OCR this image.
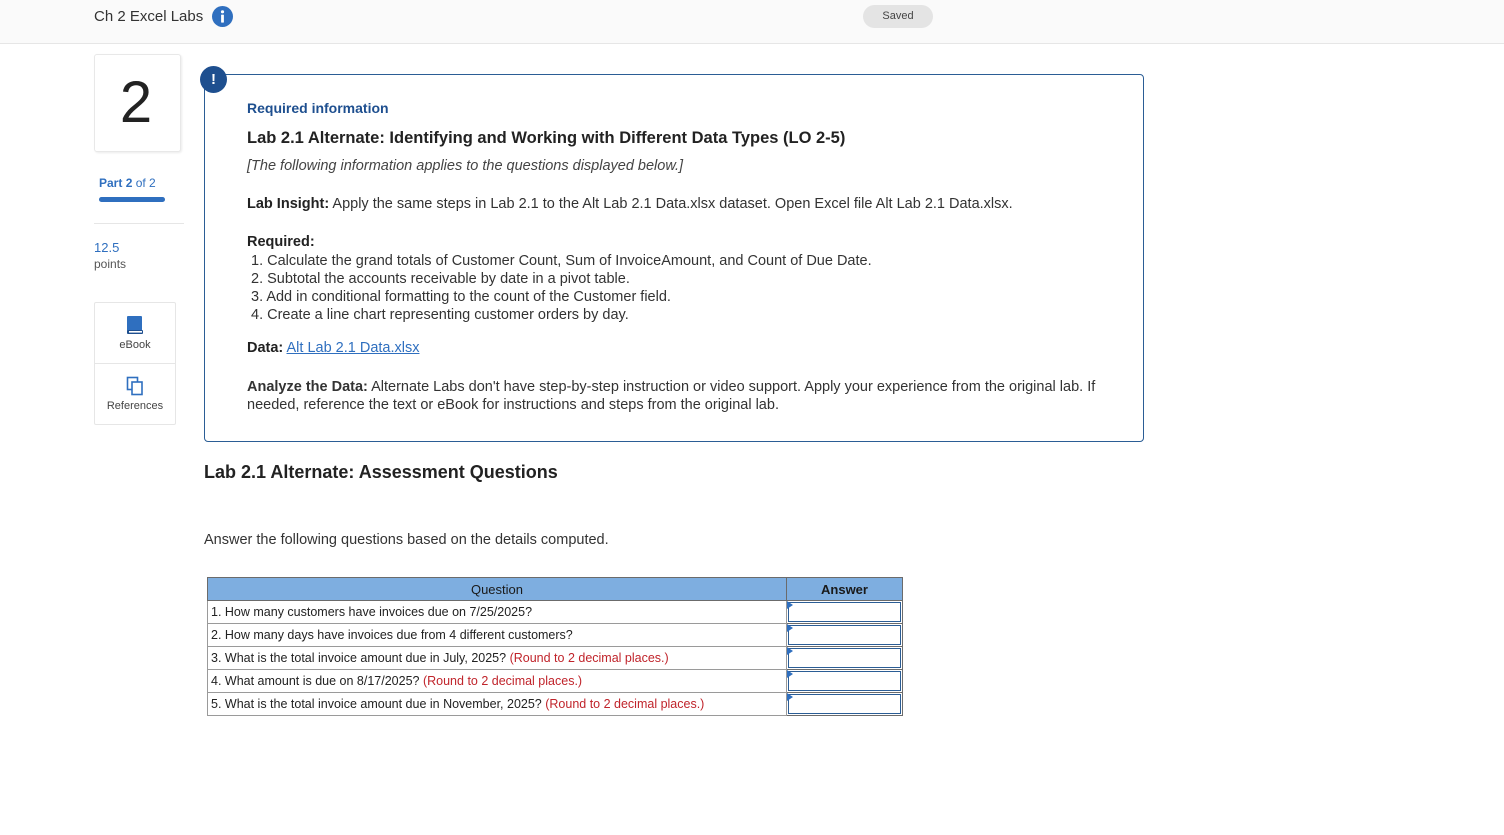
Ch 2 Excel Labs	Saved
2
Part 2 of 2
12.5
points
eBook
References
!
Required information
Lab 2.1 Alternate: Identifying and Working with Different Data Types (LO 2-5)
[The following information applies to the questions displayed below.]
Lab Insight: Apply the same steps in Lab 2.1 to the Alt Lab 2.1 Data.xlsx dataset. Open Excel file Alt Lab 2.1 Data.xlsx.
Required:
1. Calculate the grand totals of Customer Count, Sum of InvoiceAmount, and Count of Due Date.
2. Subtotal the accounts receivable by date in a pivot table.
3. Add in conditional formatting to the count of the Customer field.
4. Create a line chart representing customer orders by day.
Data: Alt Lab 2.1 Data.xlsx
Analyze the Data: Alternate Labs don't have step-by-step instruction or video support. Apply your experience from the original lab. If needed, reference the text or eBook for instructions and steps from the original lab.
Lab 2.1 Alternate: Assessment Questions
Answer the following questions based on the details computed.
Question	Answer
1. How many customers have invoices due on 7/25/2025?	

2. How many days have invoices due from 4 different customers?	

3. What is the total invoice amount due in July, 2025? (Round to 2 decimal places.)	

4. What amount is due on 8/17/2025? (Round to 2 decimal places.)	

5. What is the total invoice amount due in November, 2025? (Round to 2 decimal places.)	
